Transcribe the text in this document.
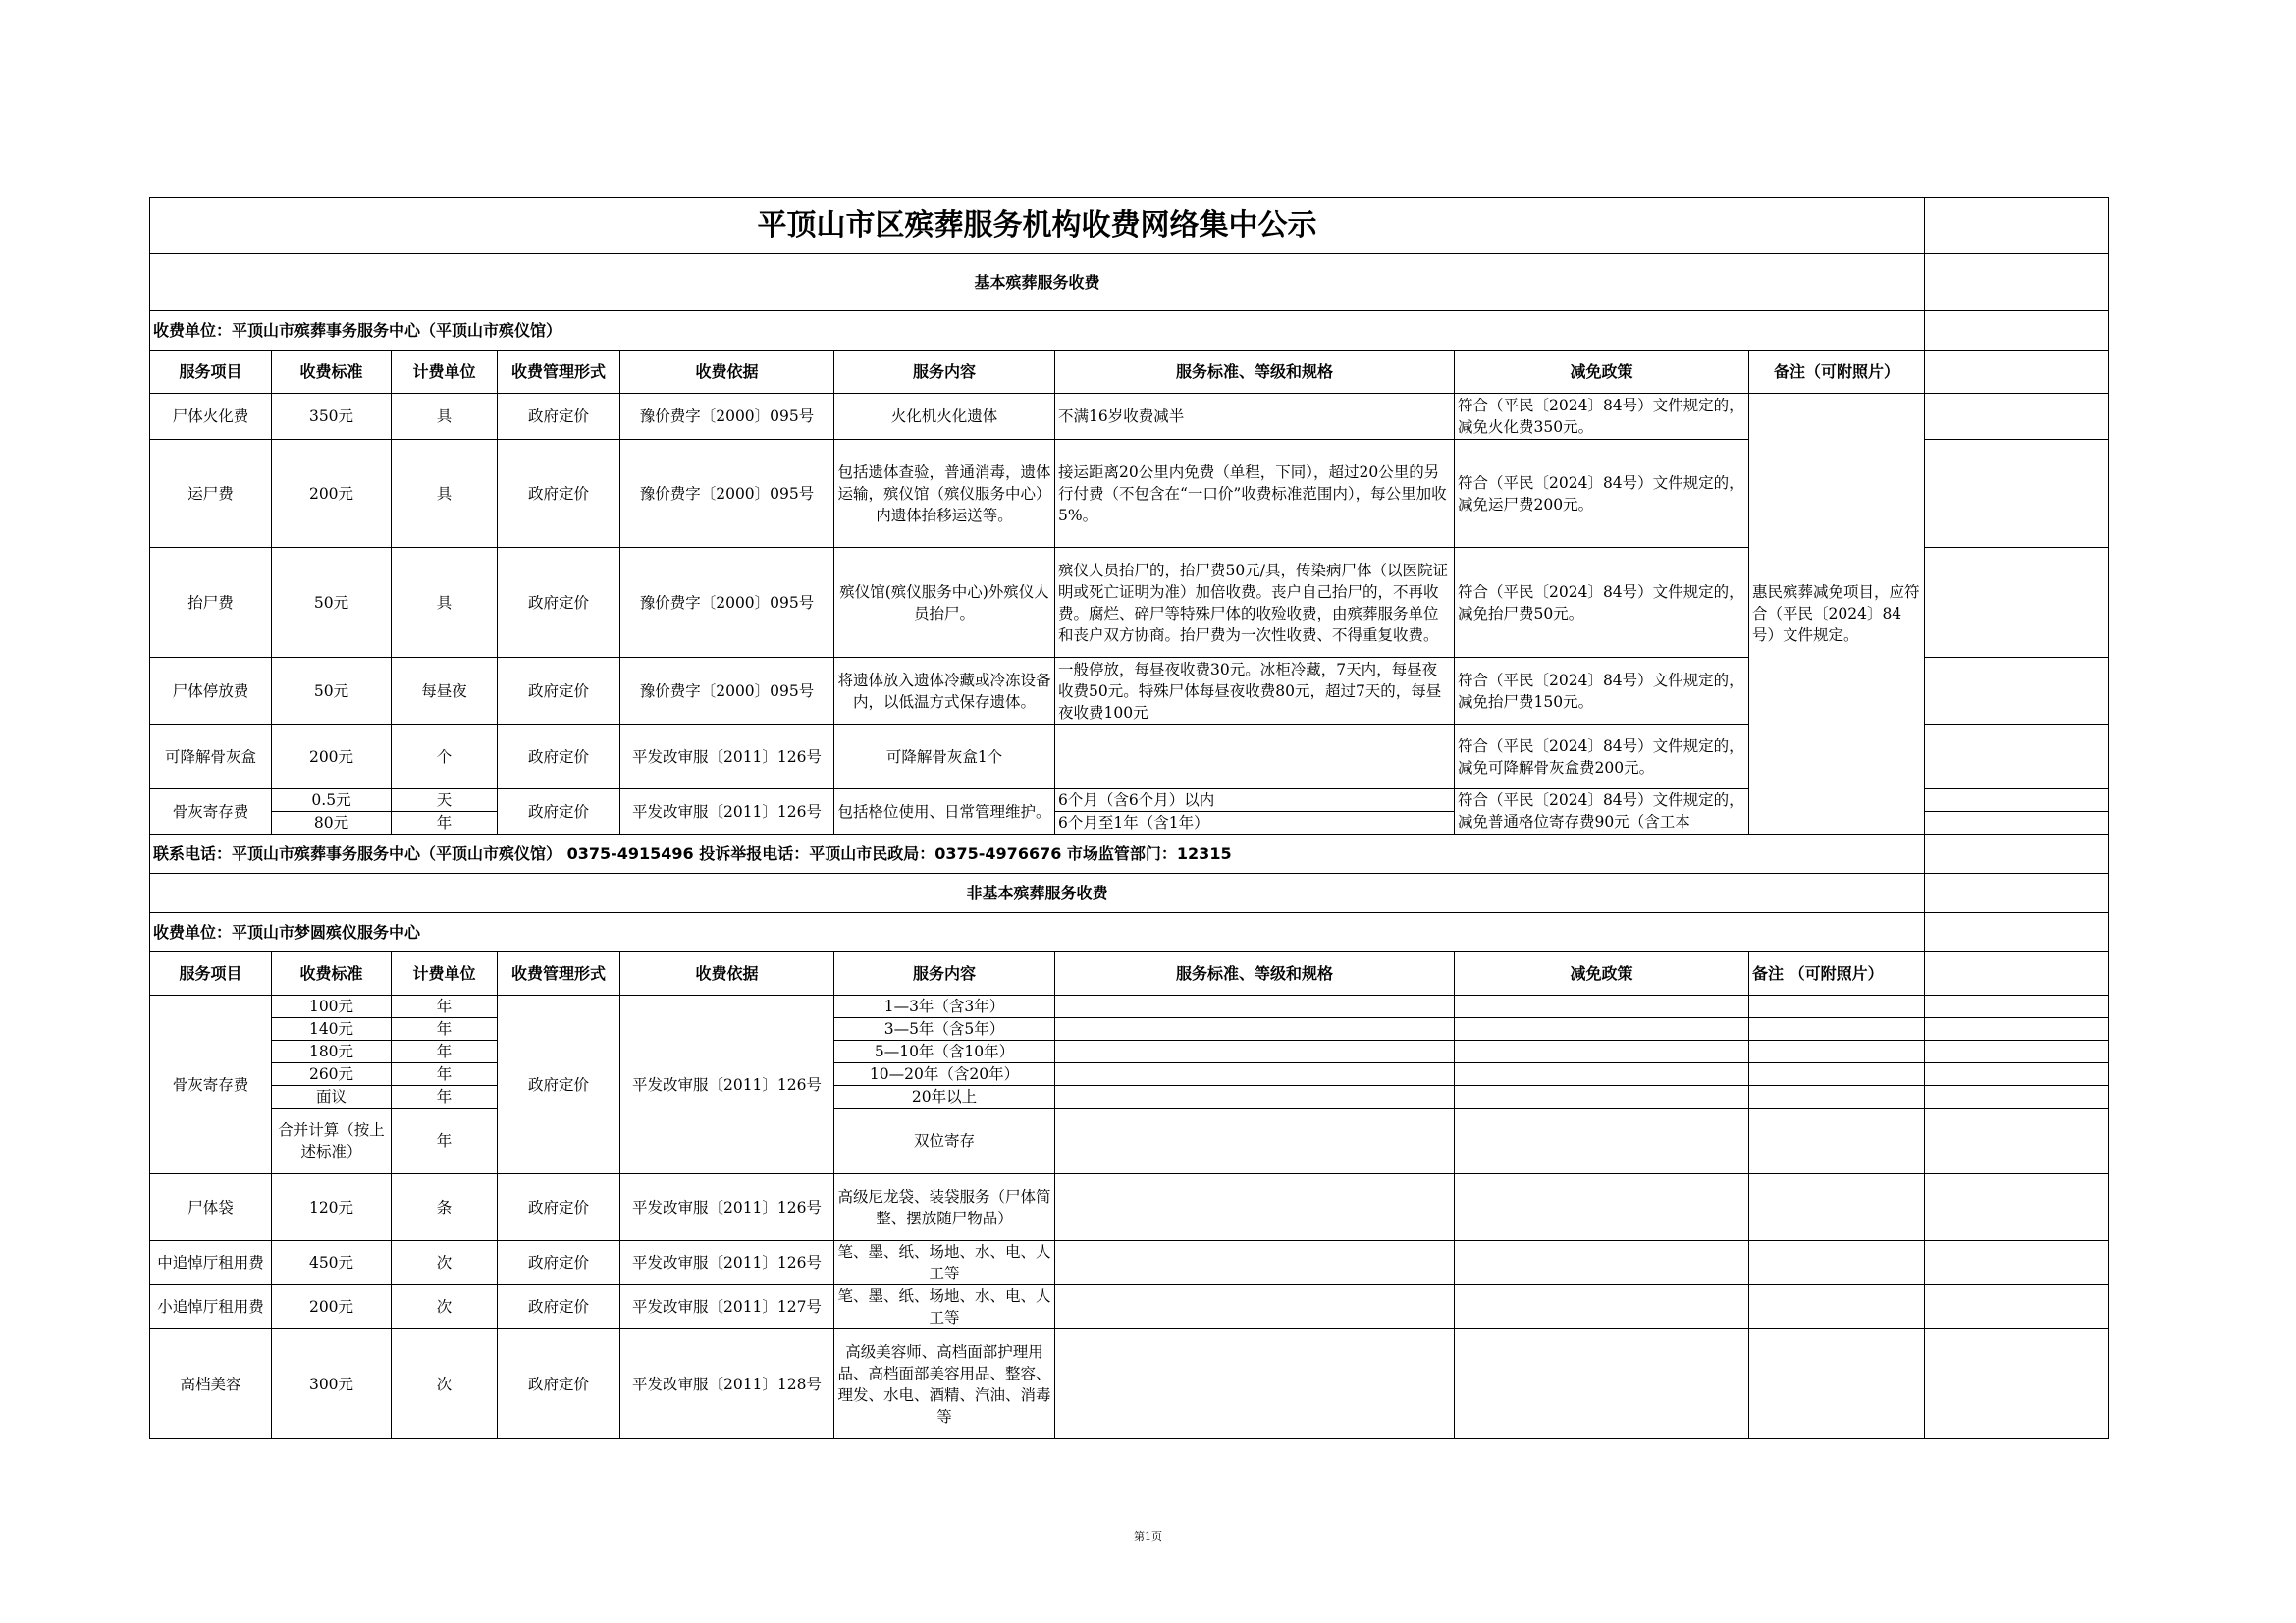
平顶山市区殡葬服务机构收费网络集中公示									
基本殡葬服务收费									
收费单位：平顶山市殡葬事务服务中心（平顶山市殡仪馆）									
服务项目	收费标准	计费单位	收费管理形式	收费依据	服务内容	服务标准、等级和规格	减免政策	备注（可附照片）	
尸体火化费	350元	具	政府定价	豫价费字〔2000〕095号	火化机火化遗体	不满16岁收费减半	符合（平民〔2024〕84号）文件规定的，减免火化费350元。	惠民殡葬减免项目，应符合（平民〔2024〕84号）文件规定。	
运尸费	200元	具	政府定价	豫价费字〔2000〕095号	包括遗体查验，普通消毒，遗体运输，殡仪馆（殡仪服务中心）内遗体抬移运送等。	接运距离20公里内免费（单程，下同），超过20公里的另行付费（不包含在“一口价”收费标准范围内），每公里加收5%。	符合（平民〔2024〕84号）文件规定的，减免运尸费200元。		
抬尸费	50元	具	政府定价	豫价费字〔2000〕095号	殡仪馆(殡仪服务中心)外殡仪人员抬尸。	殡仪人员抬尸的，抬尸费50元/具，传染病尸体（以医院证明或死亡证明为准）加倍收费。丧户自己抬尸的，不再收费。腐烂、碎尸等特殊尸体的收殓收费，由殡葬服务单位和丧户双方协商。抬尸费为一次性收费、不得重复收费。	符合（平民〔2024〕84号）文件规定的，减免抬尸费50元。		
尸体停放费	50元	每昼夜	政府定价	豫价费字〔2000〕095号	将遗体放入遗体冷藏或冷冻设备内，以低温方式保存遗体。	一般停放，每昼夜收费30元。冰柜冷藏，7天内，每昼夜收费50元。特殊尸体每昼夜收费80元，超过7天的，每昼夜收费100元	符合（平民〔2024〕84号）文件规定的，减免抬尸费150元。		
可降解骨灰盒	200元	个	政府定价	平发改审服〔2011〕126号	可降解骨灰盒1个		符合（平民〔2024〕84号）文件规定的，减免可降解骨灰盒费200元。		
骨灰寄存费	0.5元	天	政府定价	平发改审服〔2011〕126号	包括格位使用、日常管理维护。	6个月（含6个月）以内	符合（平民〔2024〕84号）文件规定的，减免普通格位寄存费90元（含工本		
	80元	年				6个月至1年（含1年）			
联系电话：平顶山市殡葬事务服务中心（平顶山市殡仪馆） 0375-4915496 投诉举报电话：平顶山市民政局：0375-4976676 市场监管部门：12315									
非基本殡葬服务收费									
收费单位：平顶山市梦圆殡仪服务中心									
服务项目	收费标准	计费单位	收费管理形式	收费依据	服务内容	服务标准、等级和规格	减免政策	备注 （可附照片）	
骨灰寄存费	100元	年	政府定价	平发改审服〔2011〕126号	1—3年（含3年）				
	140元	年			3—5年（含5年）				
	180元	年			5—10年（含10年）				
	260元	年			10—20年（含20年）				
	面议	年			20年以上				
	合并计算（按上述标准）	年			双位寄存				
尸体袋	120元	条	政府定价	平发改审服〔2011〕126号	高级尼龙袋、装袋服务（尸体简整、摆放随尸物品）				
中追悼厅租用费	450元	次	政府定价	平发改审服〔2011〕126号	笔、墨、纸、场地、水、电、人工等				
小追悼厅租用费	200元	次	政府定价	平发改审服〔2011〕127号	笔、墨、纸、场地、水、电、人工等				
高档美容	300元	次	政府定价	平发改审服〔2011〕128号	高级美容师、高档面部护理用品、高档面部美容用品、整容、理发、水电、酒精、汽油、消毒等				
第1页
